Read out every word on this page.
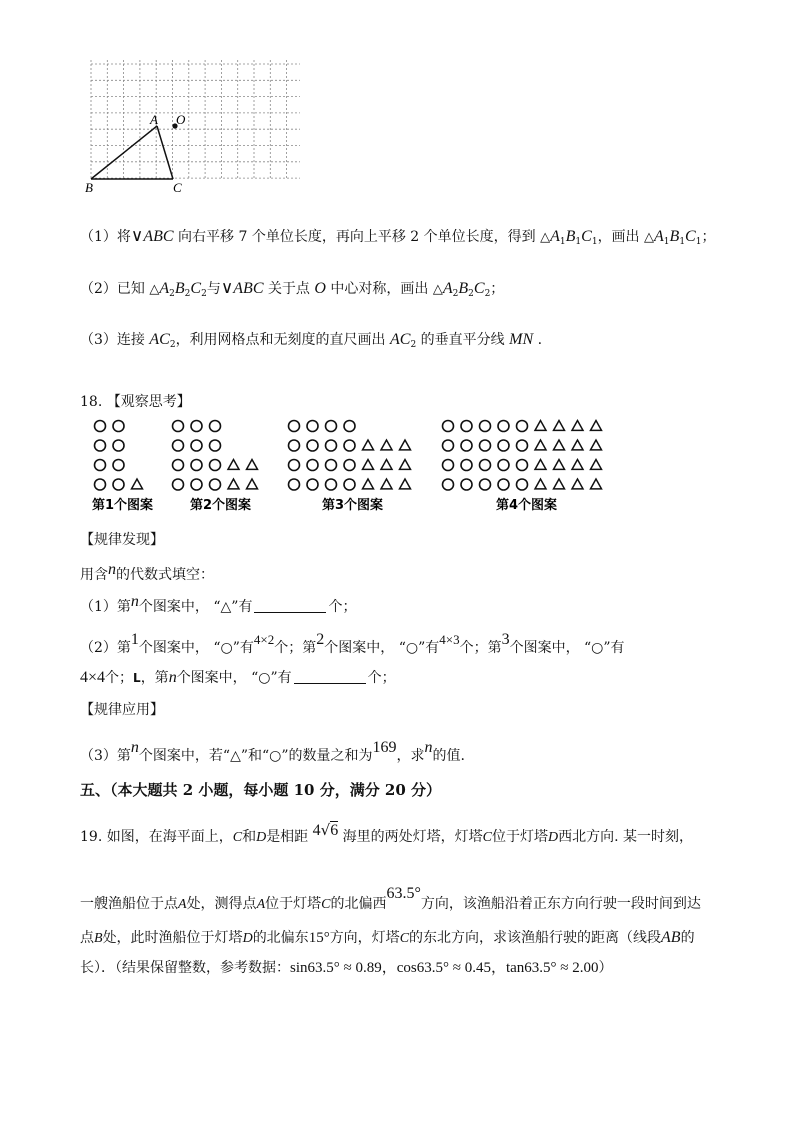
A O
B	C
（1）将∨ABC 向右平移 7 个单位长度，再向上平移 2 个单位长度，得到 $\triangle A_1B_1C_1$，画出 $\triangle A_1B_1C_1$；
（2）已知 $\triangle A_2B_2C_2$与∨ABC 关于点 O 中心对称，画出 $\triangle A_2B_2C_2$；
（3）连接 $AC_2$，利用网格点和无刻度的直尺画出 $AC_2$ 的垂直平分线 MN .
18. 【观察思考】
第1个图案	第2个图案	第3个图案	第4个图案
【规律发现】
用含n的代数式填空：
（1）第n个图案中， “△”有	个；
（2）第1个图案中， “○”有4×2个；第2个图案中， “○”有4×3个；第3个图案中， “○”有
4×4个；L，第n个图案中， “○”有	个；
【规律应用】
（3）第n个图案中，若“△”和“○”的数量之和为169，求n的值.
五、（本大题共 2 小题，每小题 10 分，满分 20 分）
19. 如图，在海平面上，C和D是相距 4√6 海里的两处灯塔，灯塔C位于灯塔D西北方向. 某一时刻，
一艘渔船位于点A处，测得点A位于灯塔C的北偏西63.5°方向，该渔船沿着正东方向行驶一段时间到达
点B处，此时渔船位于灯塔D的北偏东15°方向，灯塔C的东北方向，求该渔船行驶的距离（线段AB的
长）．（结果保留整数，参考数据：sin63.5° ≈ 0.89，cos63.5° ≈ 0.45，tan63.5° ≈ 2.00）
